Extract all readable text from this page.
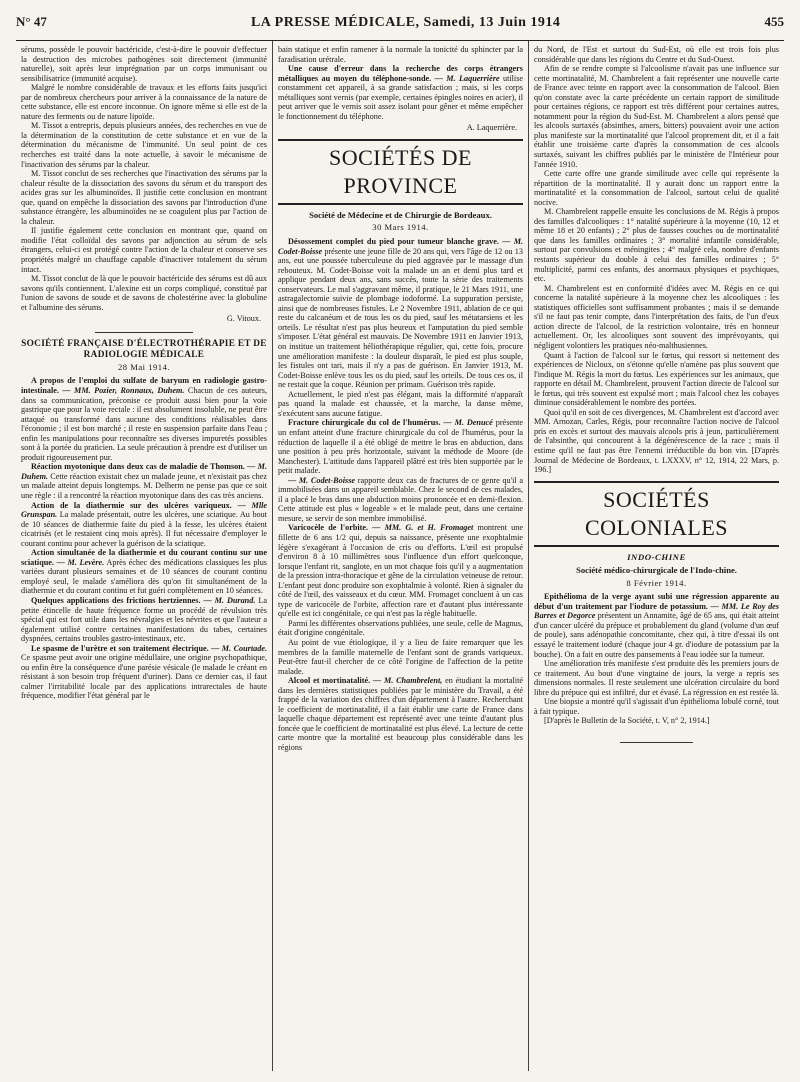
N° 47	LA PRESSE MÉDICALE, Samedi, 13 Juin 1914	455

sérums, possède le pouvoir bactéricide, c'est-à-dire le pouvoir d'effectuer la destruction des microbes pathogènes soit directement (immunité naturelle), soit après leur imprégnation par un corps immunisant ou sensibilisatrice (immunité acquise).

Malgré le nombre considérable de travaux et les efforts faits jusqu'ici par de nombreux chercheurs pour arriver à la connaissance de la nature de cette substance, elle est encore inconnue. On ignore même si elle est de la nature des ferments ou de nature lipoïde.

M. Tissot a entrepris, depuis plusieurs années, des recherches en vue de la détermination de la constitution de cette substance et en vue de la détermination du mécanisme de l'immunité. Un seul point de ces recherches est traité dans la note actuelle, à savoir le mécanisme de l'inactivation des sérums par la chaleur.

M. Tissot conclut de ses recherches que l'inactivation des sérums par la chaleur résulte de la dissociation des savons du sérum et du transport des acides gras sur les albuminoïdes. Il justifie cette conclusion en montrant que, quand on empêche la dissociation des savons par l'introduction d'une substance étrangère, les albuminoïdes ne se coagulent plus par l'action de la chaleur.

Il justifie également cette conclusion en montrant que, quand on modifie l'état colloïdal des savons par adjonction au sérum de sels étrangers, celui-ci est protégé contre l'action de la chaleur et conserve ses propriétés malgré un chauffage capable d'inactiver totalement du sérum intact.

M. Tissot conclut de là que le pouvoir bactéricide des sérums est dû aux savons qu'ils contiennent. L'alexine est un corps compliqué, constitué par l'union de savons de soude et de savons de cholestérine avec la globuline et l'albumine des sérums.

G. Vitoux.
SOCIÉTÉ FRANÇAISE D'ÉLECTROTHÉRAPIE ET DE RADIOLOGIE MÉDICALE
28 Mai 1914.

A propos de l'emploi du sulfate de baryum en radiologie gastro-intestinale. — MM. Pozier, Ronnaux, Duhem. Chacun de ces auteurs, dans sa communication, préconise ce produit aussi bien pour la voie gastrique que pour la voie rectale : il est absolument insoluble, ne peut être attaqué ou transformé dans aucune des conditions réalisables dans l'économie ; il est bon marché ; il reste en suspension parfaite dans l'eau ; enfin les manipulations pour reconnaître ses diverses impuretés possibles sont à la portée du praticien. La seule précaution à prendre est d'utiliser un produit rigoureusement pur.

Réaction myotonique dans deux cas de maladie de Thomson. — M. Duhem. Cette réaction existait chez un malade jeune, et n'existait pas chez un malade atteint depuis longtemps. M. Delherm ne pense pas que ce soit une règle : il a rencontré la réaction myotonique dans des cas très anciens.

Action de la diathermie sur des ulcères variqueux. — Mlle Grunspan. La malade présentait, outre les ulcères, une sciatique. Au bout de 10 séances de diathermie faite du pied à la fesse, les ulcères étaient cicatrisés (et le restaient cinq mois après). Il fut nécessaire d'employer le courant continu pour achever la guérison de la sciatique.

Action simultanée de la diathermie et du courant continu sur une sciatique. — M. Levère. Après échec des médications classiques les plus variées durant plusieurs semaines et de 10 séances de courant continu employé seul, le malade s'améliora dès qu'on fit simultanément de la diathermie et du courant continu et fut guéri complètement en 10 séances.

Quelques applications des frictions hertziennes. — M. Durand. La petite étincelle de haute fréquence forme un procédé de révulsion très spécial qui est fort utile dans les névralgies et les névrites et que l'auteur a également utilisé contre certaines manifestations du tabes, certaines dyspnées, certains troubles gastro-intestinaux, etc.

Le spasme de l'urètre et son traitement électrique. — M. Courtade. Ce spasme peut avoir une origine médullaire, une origine psychopathique, ou enfin être la conséquence d'une parésie vésicale (le malade le créant en résistant à son besoin trop fréquent d'uriner). Dans ce dernier cas, il faut calmer l'irritabilité locale par des applications intrarectales de haute fréquence, modifier l'état général par le

bain statique et enfin ramener à la normale la tonicité du sphincter par la faradisation urétrale.

Une cause d'erreur dans la recherche des corps étrangers métalliques au moyen du téléphone-sonde. — M. Laquerrière utilise constamment cet appareil, à sa grande satisfaction ; mais, si les corps métalliques sont vernis (par exemple, certaines épingles noires en acier), il peut arriver que le vernis soit assez isolant pour gêner et même empêcher le fonctionnement du téléphone.

A. Laquerrière.
SOCIÉTÉS DE PROVINCE
Société de Médecine et de Chirurgie de Bordeaux.
30 Mars 1914.

Désossement complet du pied pour tumeur blanche grave. — M. Codet-Boisse présente une jeune fille de 20 ans qui, vers l'âge de 12 ou 13 ans, eut une poussée tuberculeuse du pied aggravée par le massage d'un rebouteux. M. Codet-Boisse voit la malade un an et demi plus tard et applique pendant deux ans, sans succès, toute la série des traitements conservateurs. Le mal s'aggravant même, il pratique, le 21 Mars 1911, une astragalectomie suivie de plombage iodoformé. La suppuration persiste, ainsi que de nombreuses fistules. Le 2 Novembre 1911, ablation de ce qui reste du calcanéum et de tous les os du pied, sauf les métatarsiens et les orteils. Le résultat n'est pas plus heureux et l'amputation du pied semble s'imposer. L'état général est mauvais. De Novembre 1911 en Janvier 1913, on institue un traitement héliothérapique régulier, qui, cette fois, procure une amélioration manifeste : la douleur disparaît, le pied est plus souple, les fistules ont tari, mais il n'y a pas de guérison. En Janvier 1913, M. Codet-Boisse enlève tous les os du pied, sauf les orteils. De tous ces os, il ne restait que la coque. Réunion per primam. Guérison très rapide.

Actuellement, le pied n'est pas élégant, mais la difformité n'apparaît pas quand la malade est chaussée, et la marche, la danse même, s'exécutent sans aucune fatigue.

Fracture chirurgicale du col de l'humérus. — M. Denucé présente un enfant atteint d'une fracture chirurgicale du col de l'humérus, pour la réduction de laquelle il a été obligé de mettre le bras en abduction, dans une position à peu près horizontale, suivant la méthode de Moore (de Manchester). L'attitude dans l'appareil plâtré est très bien supportée par le petit malade.

— M. Codet-Boisse rapporte deux cas de fractures de ce genre qu'il a immobilisées dans un appareil semblable. Chez le second de ces malades, il a placé le bras dans une abduction moins prononcée et en demi-flexion. Cette attitude est plus « logeable » et le malade peut, dans une certaine mesure, se servir de son membre immobilisé.

Varicocèle de l'orbite. — MM. G. et H. Fromaget montrent une fillette de 6 ans 1/2 qui, depuis sa naissance, présente une exophtalmie légère s'exagérant à l'occasion de cris ou d'efforts. L'œil est propulsé d'environ 8 à 10 millimètres sous l'influence d'un effort quelconque, lorsque l'enfant rit, sanglote, en un mot chaque fois qu'il y a augmentation de la pression intra-thoracique et gêne de la circulation veineuse de retour. L'enfant peut donc produire son exophtalmie à volonté. Rien à signaler du côté de l'œil, des vaisseaux et du cœur. MM. Fromaget concluent à un cas type de varicocèle de l'orbite, affection rare et d'autant plus intéressante qu'elle est ici congénitale, ce qui n'est pas la règle habituelle.

Parmi les différentes observations publiées, une seule, celle de Magnus, était d'origine congénitale.

Au point de vue étiologique, il y a lieu de faire remarquer que les membres de la famille maternelle de l'enfant sont de grands variqueux. Peut-être faut-il chercher de ce côté l'origine de l'affection de la petite malade.

Alcool et mortinatalité. — M. Chambrelent, en étudiant la mortalité dans les dernières statistiques publiées par le ministère du Travail, a été frappé de la variation des chiffres d'un département à l'autre. Recherchant le coefficient de mortinatalité, il a fait établir une carte de France dans laquelle chaque département est représenté avec une teinte d'autant plus foncée que le coefficient de mortinatalité est plus élevé. La lecture de cette carte montre que la mortalité est beaucoup plus considérable dans les régions

du Nord, de l'Est et surtout du Sud-Est, où elle est trois fois plus considérable que dans les régions du Centre et du Sud-Ouest.

Afin de se rendre compte si l'alcoolisme n'avait pas une influence sur cette mortinatalité, M. Chambrelent a fait représenter une nouvelle carte de France avec teinte en rapport avec la consommation de l'alcool. Bien qu'on constate avec la carte précédente un certain rapport de similitude pour certaines régions, ce rapport est très différent pour certaines autres, notamment pour la région du Sud-Est. M. Chambrelent a alors pensé que les alcools surtaxés (absinthes, amers, bitters) pouvaient avoir une action plus manifeste sur la mortinatalité que l'alcool proprement dit, et il a fait établir une troisième carte d'après la consommation de ces alcools surtaxés, suivant les chiffres publiés par le ministère de l'Intérieur pour l'année 1910.

Cette carte offre une grande similitude avec celle qui représente la répartition de la mortinatalité. Il y aurait donc un rapport entre la mortinatalité et la consommation de l'alcool, surtout celui de qualité nocive.

M. Chambrelent rappelle ensuite les conclusions de M. Régis à propos des familles d'alcooliques : 1° natalité supérieure à la moyenne (10, 12 et même 18 et 20 enfants) ; 2° plus de fausses couches ou de mortinatalité que dans les familles ordinaires ; 3° mortalité infantile considérable, surtout par convulsions et méningites ; 4° malgré cela, nombre d'enfants restants supérieur du double à celui des familles ordinaires ; 5° multiplicité, parmi ces enfants, des anormaux physiques et psychiques, etc.

M. Chambrelent est en conformité d'idées avec M. Régis en ce qui concerne la natalité supérieure à la moyenne chez les alcooliques : les statistiques officielles sont suffisamment probantes ; mais il se demande s'il ne faut pas tenir compte, dans l'interprétation des faits, de l'un d'eux action directe de l'alcool, de la restriction volontaire, très en honneur actuellement. Or, les alcooliques sont souvent des imprévoyants, qui négligent volontiers les pratiques néo-malthusiennes.

Quant à l'action de l'alcool sur le fœtus, qui ressort si nettement des expériences de Nicloux, on s'étonne qu'elle n'amène pas plus souvent que l'indique M. Régis la mort du fœtus. Les expériences sur les animaux, que rapporte en détail M. Chambrelent, prouvent l'action directe de l'alcool sur le fœtus, qui très souvent est expulsé mort ; mais l'alcool chez les cobayes diminue considérablement le nombre des portées.

Quoi qu'il en soit de ces divergences, M. Chambrelent est d'accord avec MM. Arnozan, Carles, Régis, pour reconnaître l'action nocive de l'alcool pris en excès et surtout des mauvais alcools pris à jeun, particulièrement de l'absinthe, qui concourent à la dégénérescence de la race ; mais il estime qu'il ne faut pas être l'ennemi irréductible du bon vin. [D'après Journal de Médecine de Bordeaux, t. LXXXV, n° 12, 1914, 22 Mars, p. 196.]

SOCIÉTÉS COLONIALES
INDO-CHINE
Société médico-chirurgicale de l'Indo-chine.
8 Février 1914.

Epithélioma de la verge ayant subi une régression apparente au début d'un traitement par l'iodure de potassium. — MM. Le Roy des Barres et Degorce présentent un Annamite, âgé de 65 ans, qui était atteint d'un cancer ulcéré du prépuce et probablement du gland (volume d'un œuf de poule), sans adénopathie concomitante, chez qui, à titre d'essai ils ont essayé le traitement ioduré (chaque jour 4 gr. d'iodure de potassium par la bouche). On a fait en outre des pansements à l'eau iodée sur la tumeur.

Une amélioration très manifeste s'est produite dès les premiers jours de ce traitement. Au bout d'une vingtaine de jours, la verge a repris ses dimensions normales. Il reste seulement une ulcération circulaire du bord libre du prépuce qui est infiltré, dur et évasé. La régression en est restée là.

Une biopsie a montré qu'il s'agissait d'un épithélioma lobulé corné, tout à fait typique.

[D'après le Bulletin de la Société, t. V, n° 2, 1914.]
